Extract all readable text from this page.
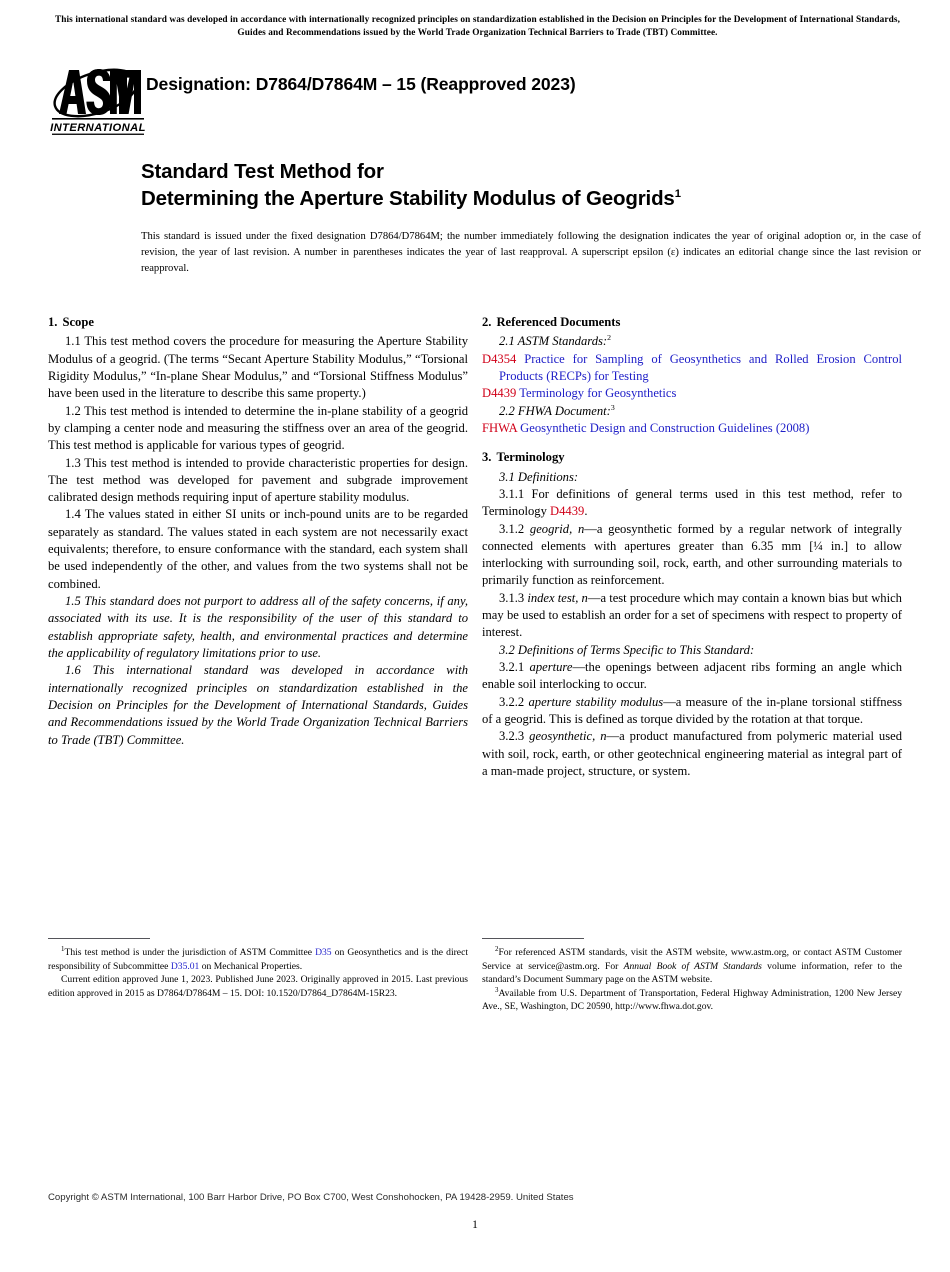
This international standard was developed in accordance with internationally recognized principles on standardization established in the Decision on Principles for the Development of International Standards, Guides and Recommendations issued by the World Trade Organization Technical Barriers to Trade (TBT) Committee.
INTERNATIONAL
Designation: D7864/D7864M – 15 (Reapproved 2023)
Standard Test Method for
Determining the Aperture Stability Modulus of Geogrids$^1$
This standard is issued under the fixed designation D7864/D7864M; the number immediately following the designation indicates the year of original adoption or, in the case of revision, the year of last revision. A number in parentheses indicates the year of last reapproval. A superscript epsilon (ε) indicates an editorial change since the last revision or reapproval.
1. Scope

1.1 This test method covers the procedure for measuring the Aperture Stability Modulus of a geogrid. (The terms “Secant Aperture Stability Modulus,” “Torsional Rigidity Modulus,” “In-plane Shear Modulus,” and “Torsional Stiffness Modulus” have been used in the literature to describe this same property.)

1.2 This test method is intended to determine the in-plane stability of a geogrid by clamping a center node and measuring the stiffness over an area of the geogrid. This test method is applicable for various types of geogrid.

1.3 This test method is intended to provide characteristic properties for design. The test method was developed for pavement and subgrade improvement calibrated design methods requiring input of aperture stability modulus.

1.4 The values stated in either SI units or inch-pound units are to be regarded separately as standard. The values stated in each system are not necessarily exact equivalents; therefore, to ensure conformance with the standard, each system shall be used independently of the other, and values from the two systems shall not be combined.

1.5 This standard does not purport to address all of the safety concerns, if any, associated with its use. It is the responsibility of the user of this standard to establish appropriate safety, health, and environmental practices and determine the applicability of regulatory limitations prior to use.

1.6 This international standard was developed in accordance with internationally recognized principles on standardization established in the Decision on Principles for the Development of International Standards, Guides and Recommendations issued by the World Trade Organization Technical Barriers to Trade (TBT) Committee.

2. Referenced Documents

2.1 ASTM Standards:$^2$

D4354 Practice for Sampling of Geosynthetics and Rolled Erosion Control Products (RECPs) for Testing

D4439 Terminology for Geosynthetics

2.2 FHWA Document:$^3$

FHWA Geosynthetic Design and Construction Guidelines (2008)

3. Terminology

3.1 Definitions:

3.1.1 For definitions of general terms used in this test method, refer to Terminology D4439.

3.1.2 geogrid, n—a geosynthetic formed by a regular network of integrally connected elements with apertures greater than 6.35 mm [¼ in.] to allow interlocking with surrounding soil, rock, earth, and other surrounding materials to primarily function as reinforcement.

3.1.3 index test, n—a test procedure which may contain a known bias but which may be used to establish an order for a set of specimens with respect to property of interest.

3.2 Definitions of Terms Specific to This Standard:

3.2.1 aperture—the openings between adjacent ribs forming an angle which enable soil interlocking to occur.

3.2.2 aperture stability modulus—a measure of the in-plane torsional stiffness of a geogrid. This is defined as torque divided by the rotation at that torque.

3.2.3 geosynthetic, n—a product manufactured from polymeric material used with soil, rock, earth, or other geotechnical engineering material as integral part of a man-made project, structure, or system.

$^1$This test method is under the jurisdiction of ASTM Committee D35 on Geosynthetics and is the direct responsibility of Subcommittee D35.01 on Mechanical Properties.

Current edition approved June 1, 2023. Published June 2023. Originally approved in 2015. Last previous edition approved in 2015 as D7864/D7864M – 15. DOI: 10.1520/D7864_D7864M-15R23.

$^2$For referenced ASTM standards, visit the ASTM website, www.astm.org, or contact ASTM Customer Service at service@astm.org. For Annual Book of ASTM Standards volume information, refer to the standard’s Document Summary page on the ASTM website.

$^3$Available from U.S. Department of Transportation, Federal Highway Administration, 1200 New Jersey Ave., SE, Washington, DC 20590, http://www.fhwa.dot.gov.

Copyright © ASTM International, 100 Barr Harbor Drive, PO Box C700, West Conshohocken, PA 19428-2959. United States
1
